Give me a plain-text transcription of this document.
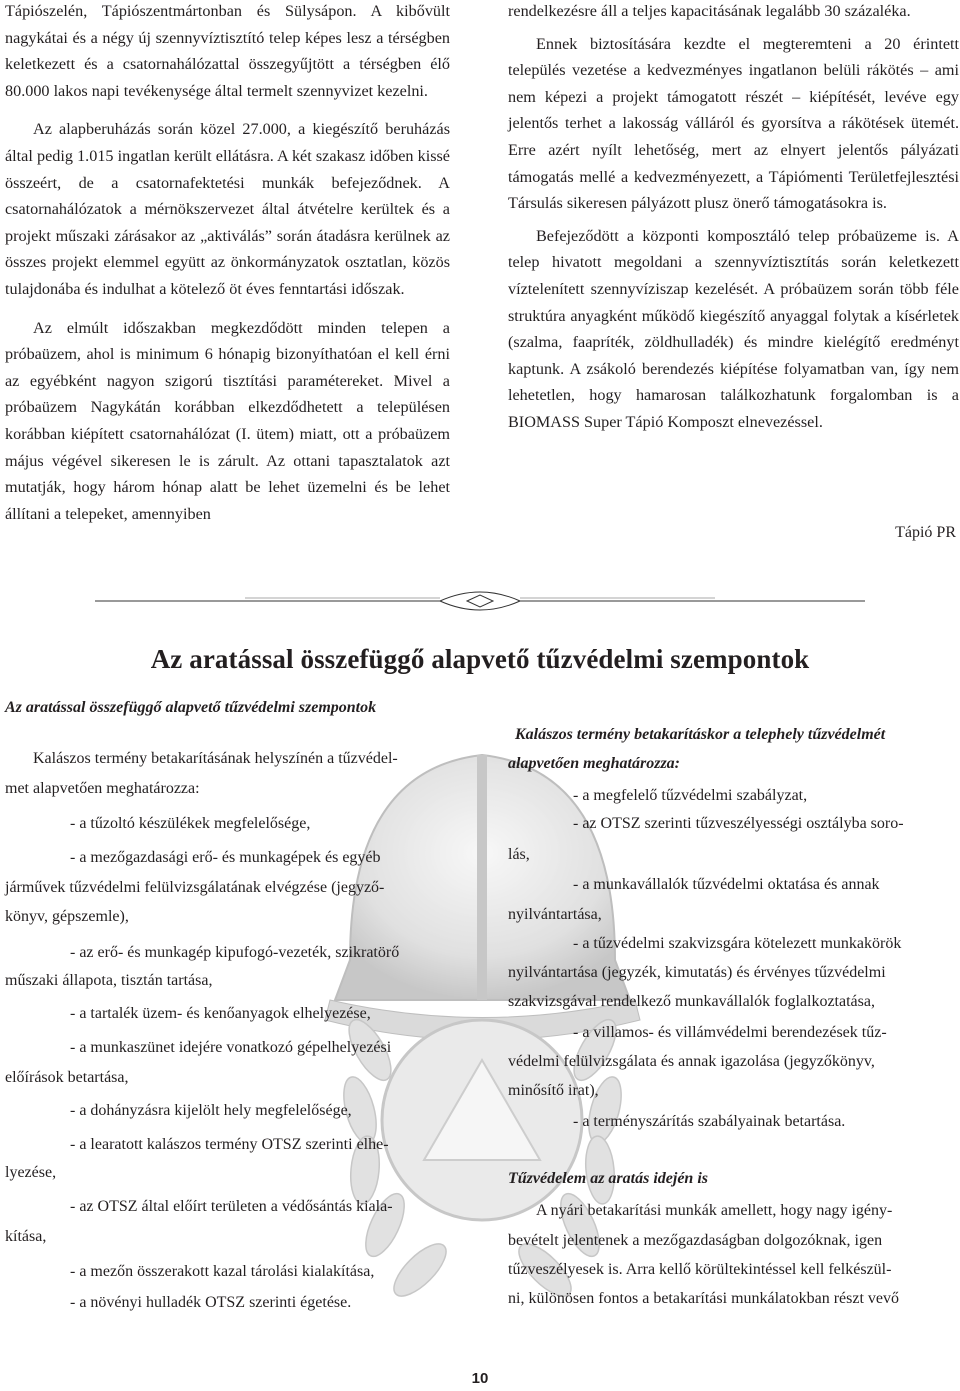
Tápiószelén, Tápiószentmártonban és Sülysápon. A kibővült nagykátai és a négy új szennyvíztisztító telep képes lesz a térségben keletkezett és a csatornahálózattal összegyűjtött a térségben élő 80.000 lakos napi tevékenysége által termelt szennyvizet kezelni.

Az alapberuházás során közel 27.000, a kiegészítő beruházás által pedig 1.015 ingatlan került ellátásra. A két szakasz időben kissé összeért, de a csatornafektetési munkák befejeződnek. A csatornahálózatok a mérnökszervezet által átvételre kerültek és a projekt műszaki zárásakor az „aktiválás” során átadásra kerülnek az összes projekt elemmel együtt az önkormányzatok osztatlan, közös tulajdonába és indulhat a kötelező öt éves fenntartási időszak.

Az elmúlt időszakban megkezdődött minden telepen a próbaüzem, ahol is minimum 6 hónapig bizonyíthatóan el kell érni az egyébként nagyon szigorú tisztítási paramétereket. Mivel a próbaüzem Nagykátán korábban elkezdődhetett a településen korábban kiépített csatornahálózat (I. ütem) miatt, ott a próbaüzem május végével sikeresen le is zárult. Az ottani tapasztalatok azt mutatják, hogy három hónap alatt be lehet üzemelni és be lehet állítani a telepeket, amennyiben

rendelkezésre áll a teljes kapacitásának legalább 30 százaléka.

Ennek biztosítására kezdte el megteremteni a 20 érintett település vezetése a kedvezményes ingatlanon belüli rákötés – ami nem képezi a projekt támogatott részét – kiépítését, levéve egy jelentős terhet a lakosság válláról és gyorsítva a rákötések ütemét. Erre azért nyílt lehetőség, mert az elnyert jelentős pályázati támogatás mellé a kedvezményezett, a Tápiómenti Területfejlesztési Társulás sikeresen pályázott plusz önerő támogatásokra is.

Befejeződött a központi komposztáló telep próbaüzeme is. A telep hivatott megoldani a szennyvíztisztítás során keletkezett víztelenített szennyvíziszap kezelését. A próbaüzem során több féle struktúra anyagként működő kiegészítő anyaggal folytak a kísérletek (szalma, faapríték, zöldhulladék) és mindre kielégítő eredményt kaptunk. A zsákoló berendezés kiépítése folyamatban van, így nem lehetetlen, hogy hamarosan találkozhatunk forgalomban is a BIOMASS Super Tápió Komposzt elnevezéssel.

Tápió PR
Az aratással összefüggő alapvető tűzvédelmi szempontok
Az aratással összefüggő alapvető tűzvédelmi szempontok
Kalászos termény betakarításának helyszínén a tűzvédel-
met alapvetően meghatározza:
- a tűzoltó készülékek megfelelősége,
- a mezőgazdasági erő- és munkagépek és egyéb
járművek tűzvédelmi felülvizsgálatának elvégzése (jegyző-
könyv, gépszemle),
- az erő- és munkagép kipufogó-vezeték, szikratörő
műszaki állapota, tisztán tartása,
- a tartalék üzem- és kenőanyagok elhelyezése,
- a munkaszünet idejére vonatkozó gépelhelyezési
előírások betartása,
- a dohányzásra kijelölt hely megfelelősége,
- a learatott kalászos termény OTSZ szerinti elhe-
lyezése,
- az OTSZ által előírt területen a védősántás kiala-
kítása,
- a mezőn összerakott kazal tárolási kialakítása,
- a növényi hulladék OTSZ szerinti égetése.
Kalászos termény betakarításkor a telephely tűzvédelmét
alapvetően meghatározza:
- a megfelelő tűzvédelmi szabályzat,
- az OTSZ szerinti tűzveszélyességi osztályba soro-
lás,
- a munkavállalók tűzvédelmi oktatása és annak
nyilvántartása,
- a tűzvédelmi szakvizsgára kötelezett munkakörök
nyilvántartása (jegyzék, kimutatás) és érvényes tűzvédelmi
szakvizsgával rendelkező munkavállalók foglalkoztatása,
- a villamos- és villámvédelmi berendezések tűz-
védelmi felülvizsgálata és annak igazolása (jegyzőkönyv,
minősítő irat),
- a terményszárítás szabályainak betartása.
Tűzvédelem az aratás idején is
A nyári betakarítási munkák amellett, hogy nagy igény-
bevételt jelentenek a mezőgazdaságban dolgozóknak, igen
tűzveszélyesek is. Arra kellő körültekintéssel kell felkészül-
ni, különösen fontos a betakarítási munkálatokban részt vevő
10
